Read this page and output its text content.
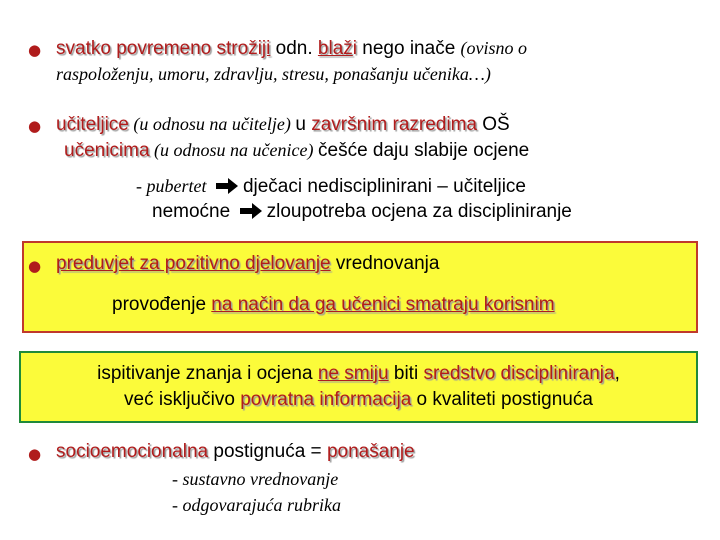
● svatko povremeno strožiji odn. blaži nego inače (ovisno o
raspoloženju, umoru, zdravlju, stresu, ponašanju učenika…)
● učiteljice (u odnosu na učitelje) u završnim razredima OŠ
učenicima (u odnosu na učenice) češće daju slabije ocjene
- pubertet dječaci nedisciplinirani – učiteljice
nemoćne zloupotreba ocjena za discipliniranje
● preduvjet za pozitivno djelovanje vrednovanja
provođenje na način da ga učenici smatraju korisnim
ispitivanje znanja i ocjena ne smiju biti sredstvo discipliniranja,
već isključivo povratna informacija o kvaliteti postignuća
● socioemocionalna postignuća = ponašanje
- sustavno vrednovanje
- odgovarajuća rubrika
